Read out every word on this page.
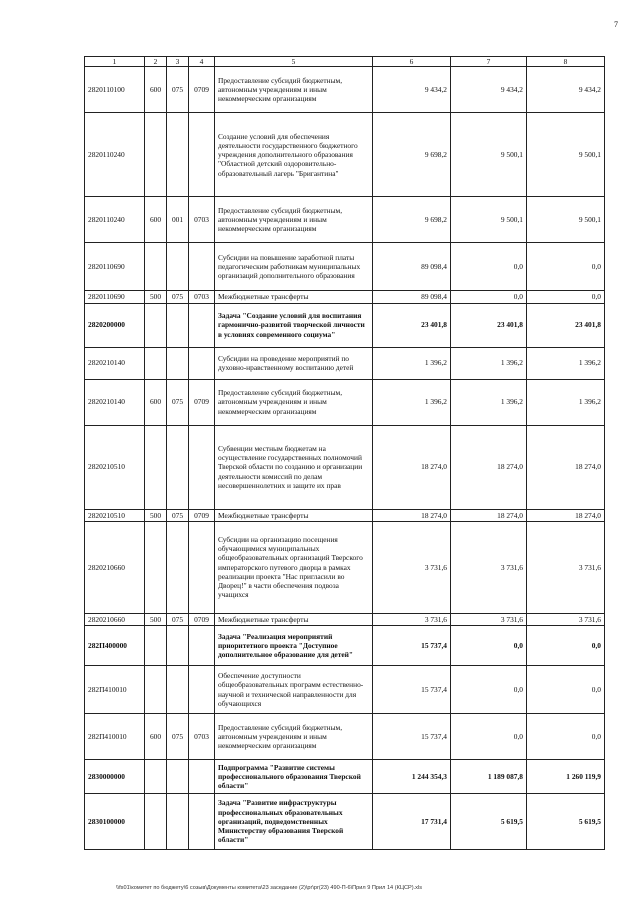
7
1	2	3	4	5	6	7	8
2820110100	600	075	0709	Предоставление субсидий бюджетным, автономным учреждениям и иным некоммерческим организациям	9 434,2	9 434,2	9 434,2
2820110240				Создание условий для обеспечения деятельности государственного бюджетного учреждения дополнительного образования "Областной детский оздоровительно-образовательный лагерь "Бригантина"	9 698,2	9 500,1	9 500,1
2820110240	600	001	0703	Предоставление субсидий бюджетным, автономным учреждениям и иным некоммерческим организациям	9 698,2	9 500,1	9 500,1
2820110690				Субсидии на повышение заработной платы педагогическим работникам муниципальных организаций дополнительного образования	89 098,4	0,0	0,0
2820110690	500	075	0703	Межбюджетные трансферты	89 098,4	0,0	0,0
2820200000				Задача "Создание условий для воспитания гармонично-развитой творческой личности в условиях современного социума"	23 401,8	23 401,8	23 401,8
2820210140				Субсидии на проведение мероприятий по духовно-нравственному воспитанию детей	1 396,2	1 396,2	1 396,2
2820210140	600	075	0709	Предоставление субсидий бюджетным, автономным учреждениям и иным некоммерческим организациям	1 396,2	1 396,2	1 396,2
2820210510				Субвенции местным бюджетам на осуществление государственных полномочий Тверской области по созданию и организации деятельности комиссий по делам несовершеннолетних и защите их прав	18 274,0	18 274,0	18 274,0
2820210510	500	075	0709	Межбюджетные трансферты	18 274,0	18 274,0	18 274,0
2820210660				Субсидии на организацию посещения обучающимися муниципальных общеобразовательных организаций Тверского императорского путевого дворца в рамках реализации проекта "Нас пригласили во Дворец!" в части обеспечения подвоза учащихся	3 731,6	3 731,6	3 731,6
2820210660	500	075	0709	Межбюджетные трансферты	3 731,6	3 731,6	3 731,6
282П400000				Задача "Реализация мероприятий приоритетного проекта "Доступное дополнительное образование для детей"	15 737,4	0,0	0,0
282П410010				Обеспечение доступности общеобразовательных программ естественно-научной и технической направленности для обучающихся	15 737,4	0,0	0,0
282П410010	600	075	0703	Предоставление субсидий бюджетным, автономным учреждениям и иным некоммерческим организациям	15 737,4	0,0	0,0
2830000000				Подпрограмма "Развитие системы профессионального образования Тверской области"	1 244 354,3	1 189 087,8	1 260 119,9
2830100000				Задача "Развитие инфраструктуры профессиональных образовательных организаций, подведомственных Министерству образования Тверской области"	17 731,4	5 619,5	5 619,5
\\fs01\комитет по бюджету\6 созыв\Документы комитета\23 заседание (2)\pr\pr(23) 490-П-6\Прил 9 Прил 14 (КЦСР).xls
